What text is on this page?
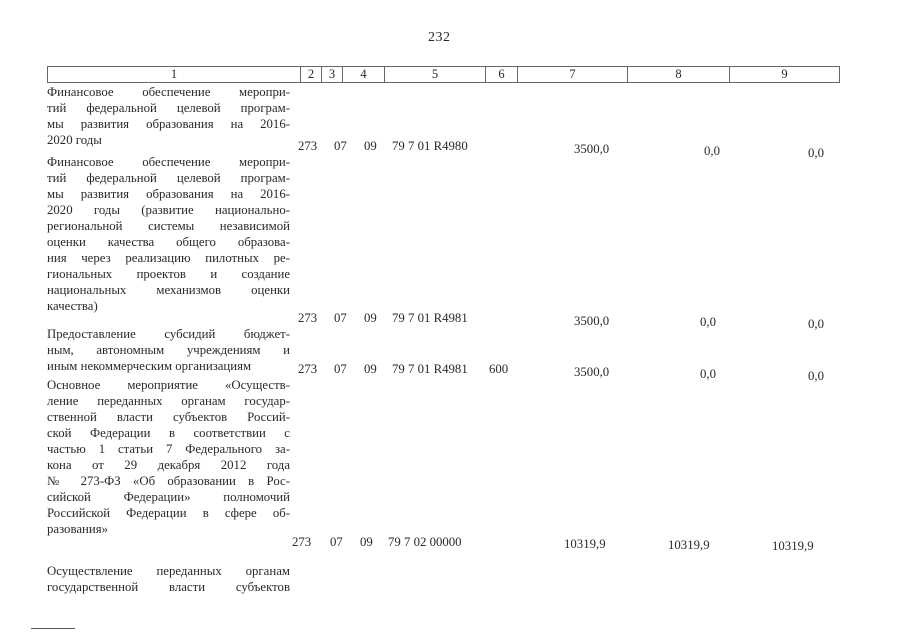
232
1	2	3	4	5	6	7	8	9
Финансовое обеспечение меропри-
тий федеральной целевой програм-
мы развития образования на 2016-
2020 годы	273 07 09 79 7 01 R4980	3500,0	0,0	0,0
Финансовое обеспечение меропри-
тий федеральной целевой програм-
мы развития образования на 2016-
2020 годы (развитие национально-
региональной системы независимой
оценки качества общего образова-
ния через реализацию пилотных ре-
гиональных проектов и создание
национальных механизмов оценки
качества)
273 07 09 79 7 01 R4981	3500,0	0,0	0,0
Предоставление субсидий бюджет-
ным, автономным учреждениям и
иным некоммерческим организациям	273 07 09 79 7 01 R4981 600	3500,0	0,0	0,0
Основное мероприятие «Осуществ-
ление переданных органам государ-
ственной власти субъектов Россий-
ской Федерации в соответствии с
частью 1 статьи 7 Федерального за-
кона от 29 декабря 2012 года
№ 273-ФЗ «Об образовании в Рос-
сийской Федерации» полномочий
Российской Федерации в сфере об-
разования»
273 07 09 79 7 02 00000	10319,9	10319,9	10319,9
Осуществление переданных органам
государственной власти субъектов
